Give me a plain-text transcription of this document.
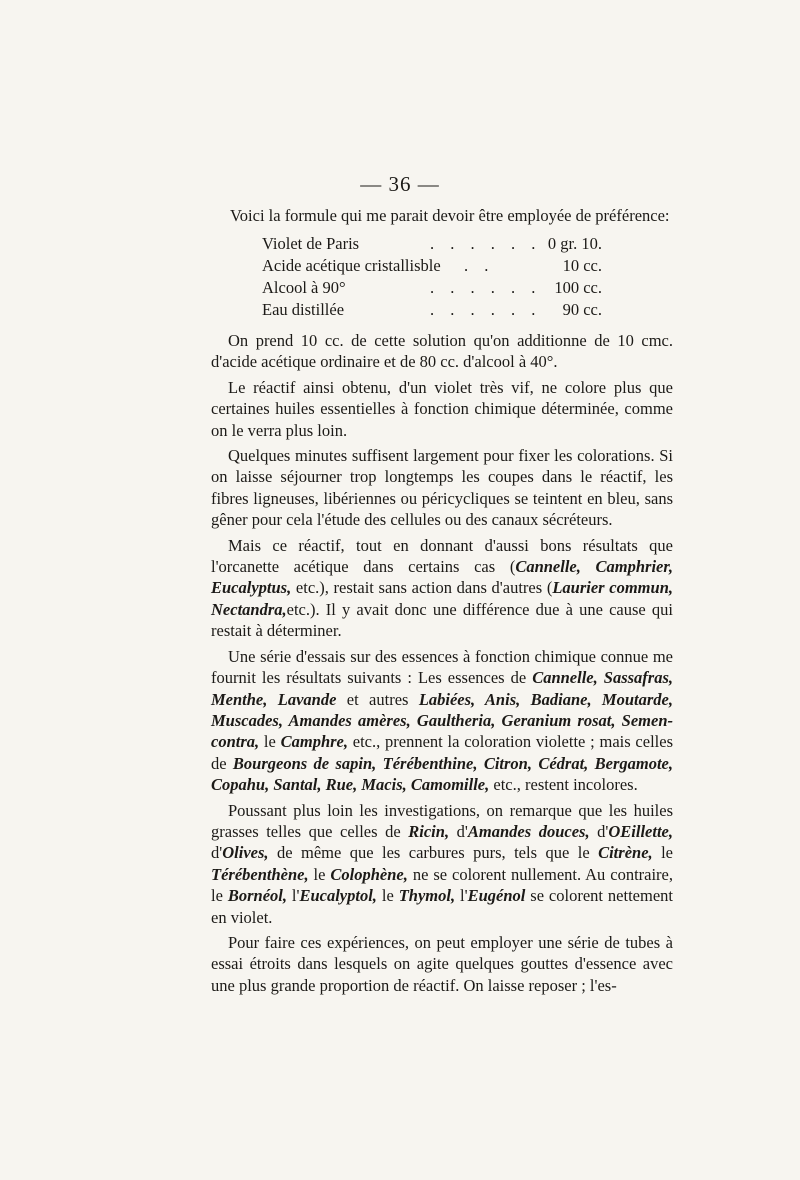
— 36 —
Voici la formule qui me parait devoir être employée de préférence:
Violet de Paris	. . . . . . 0 gr. 10.
Acide acétique cristallisble . .	10 cc.
Alcool à 90°	. . . . . . 100 cc.
Eau distillée	. . . . . . 90 cc.

On prend 10 cc. de cette solution qu'on additionne de 10 cmc. d'acide acétique ordinaire et de 80 cc. d'alcool à 40°.

Le réactif ainsi obtenu, d'un violet très vif, ne colore plus que certaines huiles essentielles à fonction chimique déterminée, comme on le verra plus loin.

Quelques minutes suffisent largement pour fixer les colorations. Si on laisse séjourner trop longtemps les coupes dans le réactif, les fibres ligneuses, libériennes ou péricycliques se teintent en bleu, sans gêner pour cela l'étude des cellules ou des canaux sécréteurs.

Mais ce réactif, tout en donnant d'aussi bons résultats que l'orcanette acétique dans certains cas (Cannelle, Camphrier, Eucalyptus, etc.), restait sans action dans d'autres (Laurier commun, Nectandra,etc.). Il y avait donc une différence due à une cause qui restait à déterminer.

Une série d'essais sur des essences à fonction chimique connue me fournit les résultats suivants : Les essences de Cannelle, Sassafras, Menthe, Lavande et autres Labiées, Anis, Badiane, Moutarde, Muscades, Amandes amères, Gaultheria, Geranium rosat, Semen-contra, le Camphre, etc., prennent la coloration violette ; mais celles de Bourgeons de sapin, Térébenthine, Citron, Cédrat, Bergamote, Copahu, Santal, Rue, Macis, Camomille, etc., restent incolores.

Poussant plus loin les investigations, on remarque que les huiles grasses telles que celles de Ricin, d'Amandes douces, d'OEillette, d'Olives, de même que les carbures purs, tels que le Citrène, le Térébenthène, le Colophène, ne se colorent nullement. Au contraire, le Bornéol, l'Eucalyptol, le Thymol, l'Eugénol se colorent nettement en violet.

Pour faire ces expériences, on peut employer une série de tubes à essai étroits dans lesquels on agite quelques gouttes d'essence avec une plus grande proportion de réactif. On laisse reposer ; l'es-
